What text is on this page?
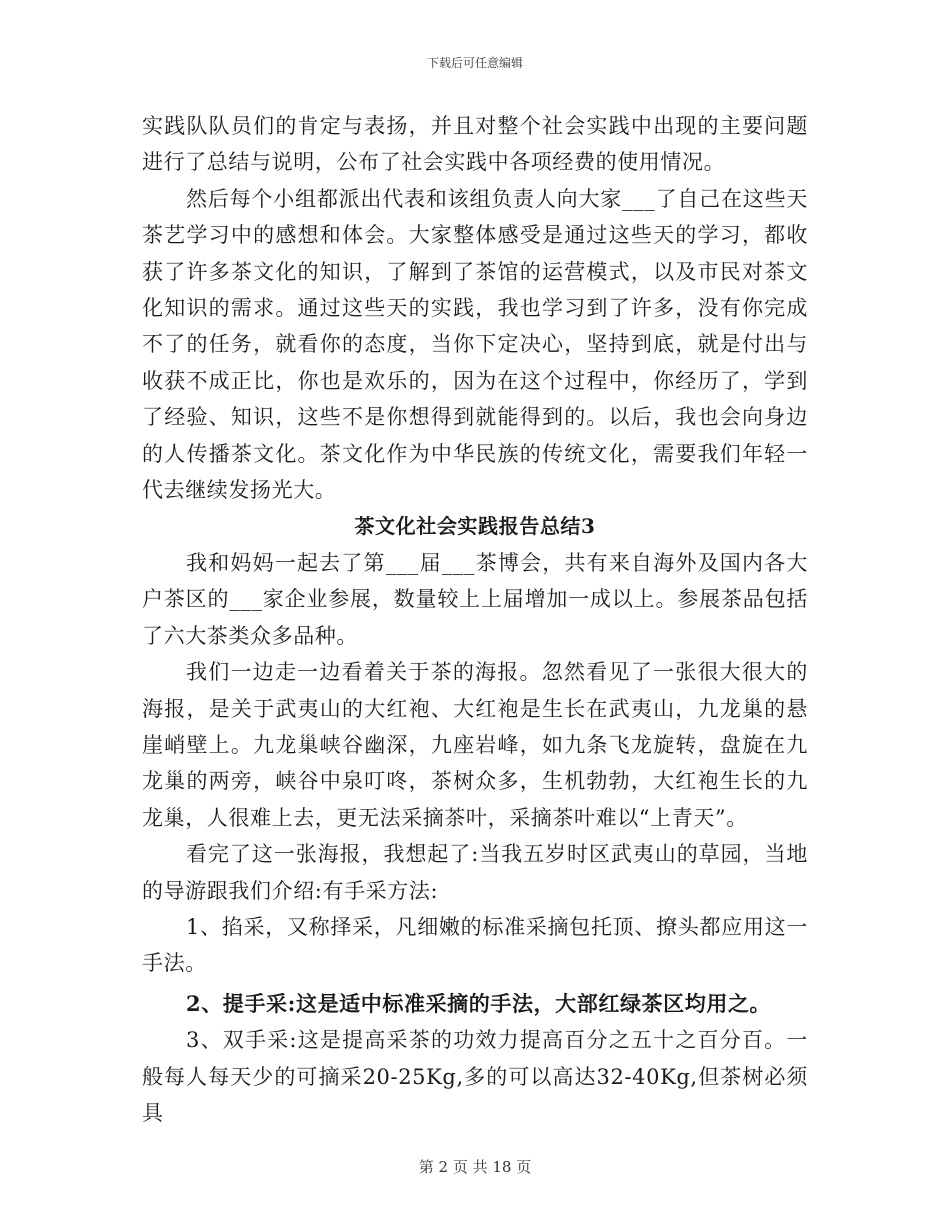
下载后可任意编辑

实践队队员们的肯定与表扬，并且对整个社会实践中出现的主要问题进行了总结与说明，公布了社会实践中各项经费的使用情况。

然后每个小组都派出代表和该组负责人向大家___了自己在这些天茶艺学习中的感想和体会。大家整体感受是通过这些天的学习，都收获了许多茶文化的知识，了解到了茶馆的运营模式，以及市民对茶文化知识的需求。通过这些天的实践，我也学习到了许多，没有你完成不了的任务，就看你的态度，当你下定决心，坚持到底，就是付出与收获不成正比，你也是欢乐的，因为在这个过程中，你经历了，学到了经验、知识，这些不是你想得到就能得到的。以后，我也会向身边的人传播茶文化。茶文化作为中华民族的传统文化，需要我们年轻一代去继续发扬光大。

茶文化社会实践报告总结3

我和妈妈一起去了第___届___茶博会，共有来自海外及国内各大户茶区的___家企业参展，数量较上上届增加一成以上。参展茶品包括了六大茶类众多品种。

我们一边走一边看着关于茶的海报。忽然看见了一张很大很大的海报，是关于武夷山的大红袍、大红袍是生长在武夷山，九龙巢的悬崖峭壁上。九龙巢峡谷幽深，九座岩峰，如九条飞龙旋转，盘旋在九龙巢的两旁，峡谷中泉叮咚，茶树众多，生机勃勃，大红袍生长的九龙巢，人很难上去，更无法采摘茶叶，采摘茶叶难以“上青天”。

看完了这一张海报，我想起了:当我五岁时区武夷山的草园，当地的导游跟我们介绍:有手采方法:

1、掐采，又称择采，凡细嫩的标准采摘包托顶、撩头都应用这一手法。

2、提手采:这是适中标准采摘的手法，大部红绿茶区均用之。

3、双手采:这是提高采茶的功效力提高百分之五十之百分百。一般每人每天少的可摘采20-25Kg,多的可以高达32-40Kg,但茶树必须具

第 2 页 共 18 页
